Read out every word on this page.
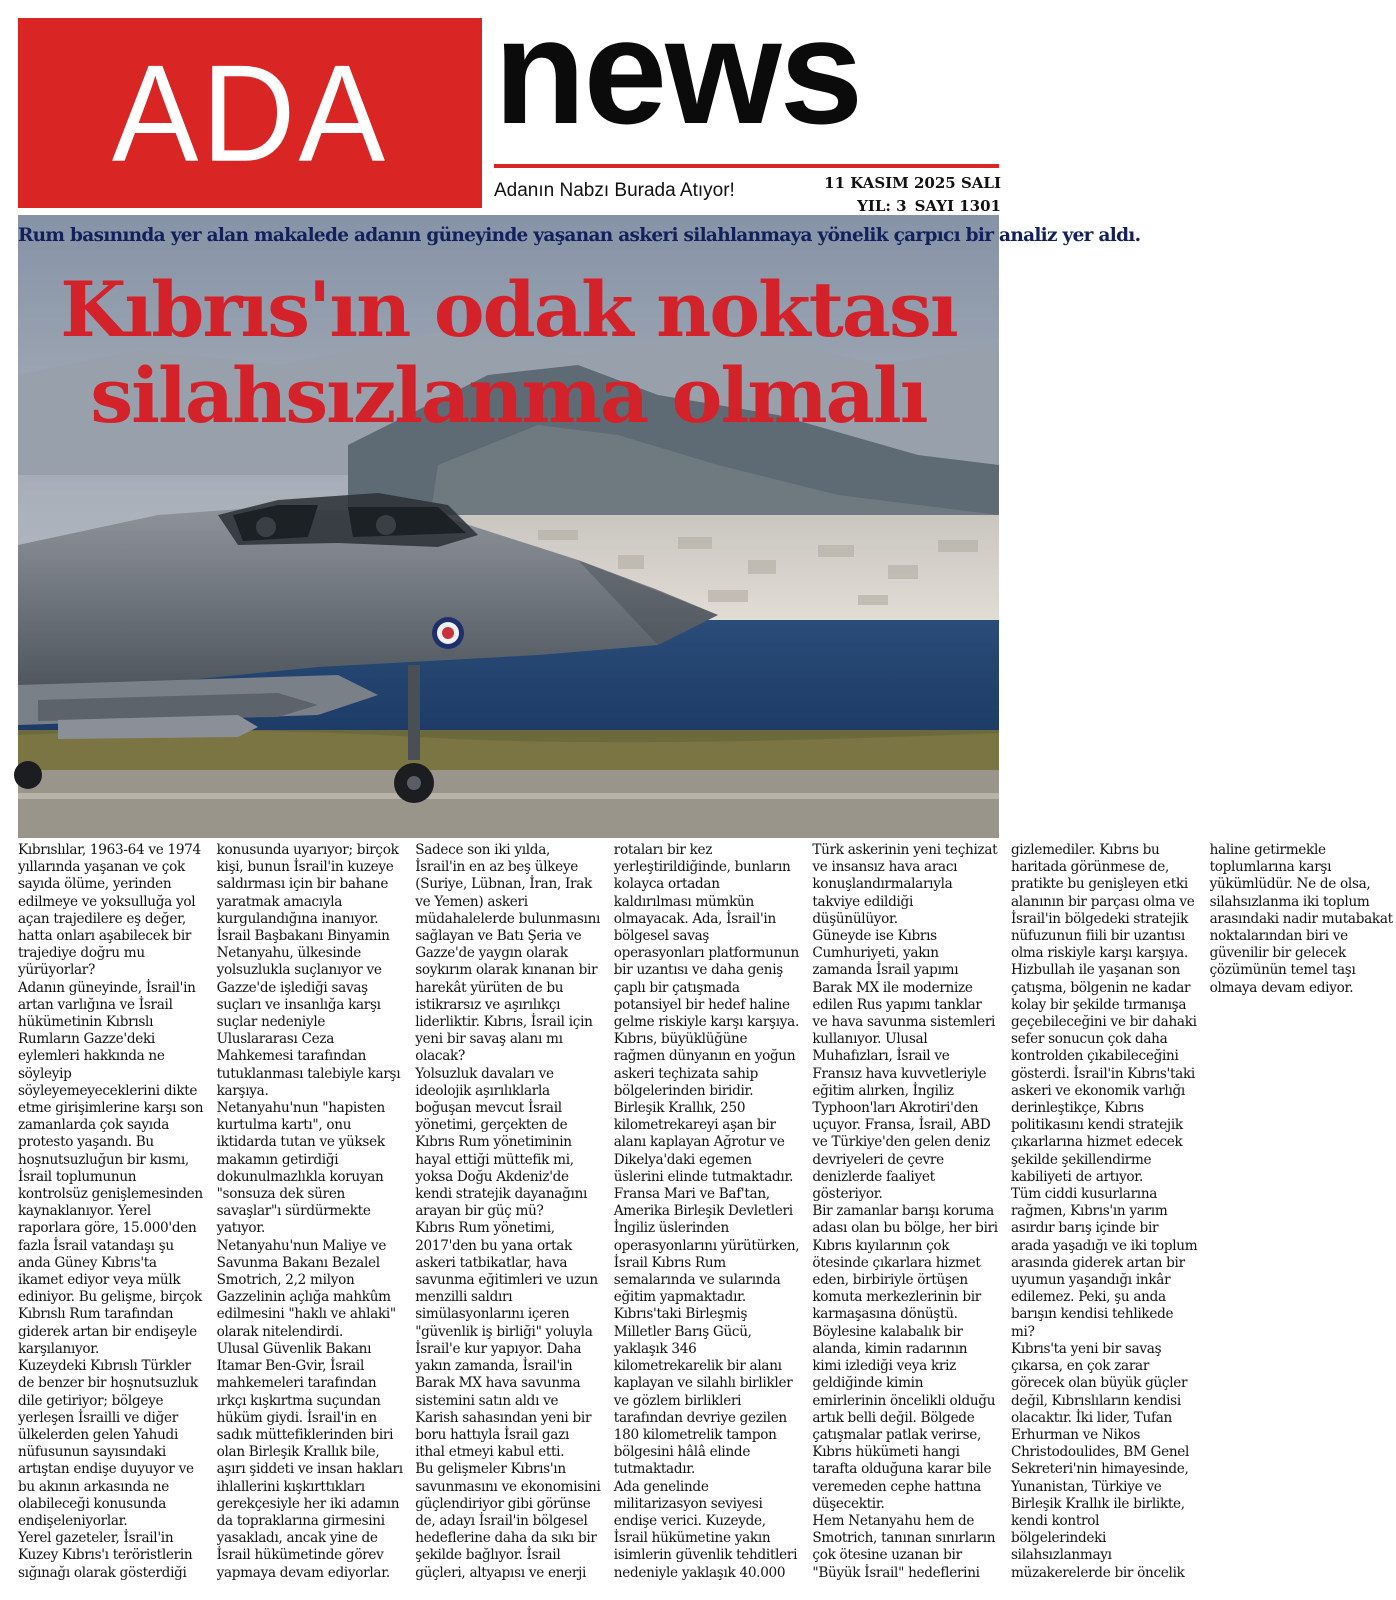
ADA news
Adanın Nabzı Burada Atıyor!	11 KASIM 2025 SALI
YIL: 3 SAYI 1301
Rum basınında yer alan makalede adanın güneyinde yaşanan askeri silahlanmaya yönelik çarpıcı bir analiz yer aldı.
Kıbrıs'ın odak noktası
silahsızlanma olmalı

Kıbrıslılar, 1963-64 ve 1974 yıllarında yaşanan ve çok sayıda ölüme, yerinden edilmeye ve yoksulluğa yol açan trajedilere eş değer, hatta onları aşabilecek bir trajediye doğru mu yürüyorlar?

Adanın güneyinde, İsrail'in artan varlığına ve İsrail hükümetinin Kıbrıslı Rumların Gazze'deki eylemleri hakkında ne söyleyip söyleyemeyeceklerini dikte etme girişimlerine karşı son zamanlarda çok sayıda protesto yaşandı. Bu hoşnutsuzluğun bir kısmı, İsrail toplumunun kontrolsüz genişlemesinden kaynaklanıyor. Yerel raporlara göre, 15.000'den fazla İsrail vatandaşı şu anda Güney Kıbrıs'ta ikamet ediyor veya mülk ediniyor. Bu gelişme, birçok Kıbrıslı Rum tarafından giderek artan bir endişeyle karşılanıyor.

Kuzeydeki Kıbrıslı Türkler de benzer bir hoşnutsuzluk dile getiriyor; bölgeye yerleşen İsrailli ve diğer ülkelerden gelen Yahudi nüfusunun sayısındaki artıştan endişe duyuyor ve bu akının arkasında ne olabileceği konusunda endişeleniyorlar.

Yerel gazeteler, İsrail'in Kuzey Kıbrıs'ı teröristlerin sığınağı olarak gösterdiği konusunda uyarıyor; birçok kişi, bunun İsrail'in kuzeye saldırması için bir bahane yaratmak amacıyla kurgulandığına inanıyor.

İsrail Başbakanı Binyamin Netanyahu, ülkesinde yolsuzlukla suçlanıyor ve Gazze'de işlediği savaş suçları ve insanlığa karşı suçlar nedeniyle Uluslararası Ceza Mahkemesi tarafından tutuklanması talebiyle karşı karşıya.

Netanyahu'nun "hapisten kurtulma kartı", onu iktidarda tutan ve yüksek makamın getirdiği dokunulmazlıkla koruyan "sonsuza dek süren savaşlar"ı sürdürmekte yatıyor.

Netanyahu'nun Maliye ve Savunma Bakanı Bezalel Smotrich, 2,2 milyon Gazzelinin açlığa mahkûm edilmesini "haklı ve ahlaki" olarak nitelendirdi.

Ulusal Güvenlik Bakanı Itamar Ben-Gvir, İsrail mahkemeleri tarafından ırkçı kışkırtma suçundan hüküm giydi. İsrail'in en sadık müttefiklerinden biri olan Birleşik Krallık bile, aşırı şiddeti ve insan hakları ihlallerini kışkırttıkları gerekçesiyle her iki adamın da topraklarına girmesini yasakladı, ancak yine de İsrail hükümetinde görev yapmaya devam ediyorlar.

Sadece son iki yılda, İsrail'in en az beş ülkeye (Suriye, Lübnan, İran, Irak ve Yemen) askeri müdahalelerde bulunmasını sağlayan ve Batı Şeria ve Gazze'de yaygın olarak soykırım olarak kınanan bir harekât yürüten de bu istikrarsız ve aşırılıkçı liderliktir. Kıbrıs, İsrail için yeni bir savaş alanı mı olacak?

Yolsuzluk davaları ve ideolojik aşırılıklarla boğuşan mevcut İsrail yönetimi, gerçekten de Kıbrıs Rum yönetiminin hayal ettiği müttefik mi, yoksa Doğu Akdeniz'de kendi stratejik dayanağını arayan bir güç mü?

Kıbrıs Rum yönetimi, 2017'den bu yana ortak askeri tatbikatlar, hava savunma eğitimleri ve uzun menzilli saldırı simülasyonlarını içeren "güvenlik iş birliği" yoluyla İsrail'e kur yapıyor. Daha yakın zamanda, İsrail'in Barak MX hava savunma sistemini satın aldı ve Karish sahasından yeni bir boru hattıyla İsrail gazı ithal etmeyi kabul etti.

Bu gelişmeler Kıbrıs'ın savunmasını ve ekonomisini güçlendiriyor gibi görünse de, adayı İsrail'in bölgesel hedeflerine daha da sıkı bir şekilde bağlıyor. İsrail güçleri, altyapısı ve enerji rotaları bir kez yerleştirildiğinde, bunların kolayca ortadan kaldırılması mümkün olmayacak. Ada, İsrail'in bölgesel savaş operasyonları platformunun bir uzantısı ve daha geniş çaplı bir çatışmada potansiyel bir hedef haline gelme riskiyle karşı karşıya.

Kıbrıs, büyüklüğüne rağmen dünyanın en yoğun askeri teçhizata sahip bölgelerinden biridir. Birleşik Krallık, 250 kilometrekareyi aşan bir alanı kaplayan Ağrotur ve Dikelya'daki egemen üslerini elinde tutmaktadır. Fransa Mari ve Baf'tan, Amerika Birleşik Devletleri İngiliz üslerinden operasyonlarını yürütürken, İsrail Kıbrıs Rum semalarında ve sularında eğitim yapmaktadır.

Kıbrıs'taki Birleşmiş Milletler Barış Gücü, yaklaşık 346 kilometrekarelik bir alanı kaplayan ve silahlı birlikler ve gözlem birlikleri tarafından devriye gezilen 180 kilometrelik tampon bölgesini hâlâ elinde tutmaktadır.

Ada genelinde militarizasyon seviyesi endişe verici. Kuzeyde, İsrail hükümetine yakın isimlerin güvenlik tehditleri nedeniyle yaklaşık 40.000 Türk askerinin yeni teçhizat ve insansız hava aracı konuşlandırmalarıyla takviye edildiği düşünülüyor.

Güneyde ise Kıbrıs Cumhuriyeti, yakın zamanda İsrail yapımı Barak MX ile modernize edilen Rus yapımı tanklar ve hava savunma sistemleri kullanıyor. Ulusal Muhafızları, İsrail ve Fransız hava kuvvetleriyle eğitim alırken, İngiliz Typhoon'ları Akrotiri'den uçuyor. Fransa, İsrail, ABD ve Türkiye'den gelen deniz devriyeleri de çevre denizlerde faaliyet gösteriyor.

Bir zamanlar barışı koruma adası olan bu bölge, her biri Kıbrıs kıyılarının çok ötesinde çıkarlara hizmet eden, birbiriyle örtüşen komuta merkezlerinin bir karmaşasına dönüştü.

Böylesine kalabalık bir alanda, kimin radarının kimi izlediği veya kriz geldiğinde kimin emirlerinin öncelikli olduğu artık belli değil. Bölgede çatışmalar patlak verirse, Kıbrıs hükümeti hangi tarafta olduğuna karar bile veremeden cephe hattına düşecektir.

Hem Netanyahu hem de Smotrich, tanınan sınırların çok ötesine uzanan bir "Büyük İsrail" hedeflerini gizlemediler. Kıbrıs bu haritada görünmese de, pratikte bu genişleyen etki alanının bir parçası olma ve İsrail'in bölgedeki stratejik nüfuzunun fiili bir uzantısı olma riskiyle karşı karşıya. Hizbullah ile yaşanan son çatışma, bölgenin ne kadar kolay bir şekilde tırmanışa geçebileceğini ve bir dahaki sefer sonucun çok daha kontrolden çıkabileceğini gösterdi. İsrail'in Kıbrıs'taki askeri ve ekonomik varlığı derinleştikçe, Kıbrıs politikasını kendi stratejik çıkarlarına hizmet edecek şekilde şekillendirme kabiliyeti de artıyor.

Tüm ciddi kusurlarına rağmen, Kıbrıs'ın yarım asırdır barış içinde bir arada yaşadığı ve iki toplum arasında giderek artan bir uyumun yaşandığı inkâr edilemez. Peki, şu anda barışın kendisi tehlikede mi?

Kıbrıs'ta yeni bir savaş çıkarsa, en çok zarar görecek olan büyük güçler değil, Kıbrıslıların kendisi olacaktır. İki lider, Tufan Erhurman ve Nikos Christodoulides, BM Genel Sekreteri'nin himayesinde, Yunanistan, Türkiye ve Birleşik Krallık ile birlikte, kendi kontrol bölgelerindeki silahsızlanmayı müzakerelerde bir öncelik haline getirmekle toplumlarına karşı yükümlüdür. Ne de olsa, silahsızlanma iki toplum arasındaki nadir mutabakat noktalarından biri ve güvenilir bir gelecek çözümünün temel taşı olmaya devam ediyor.
